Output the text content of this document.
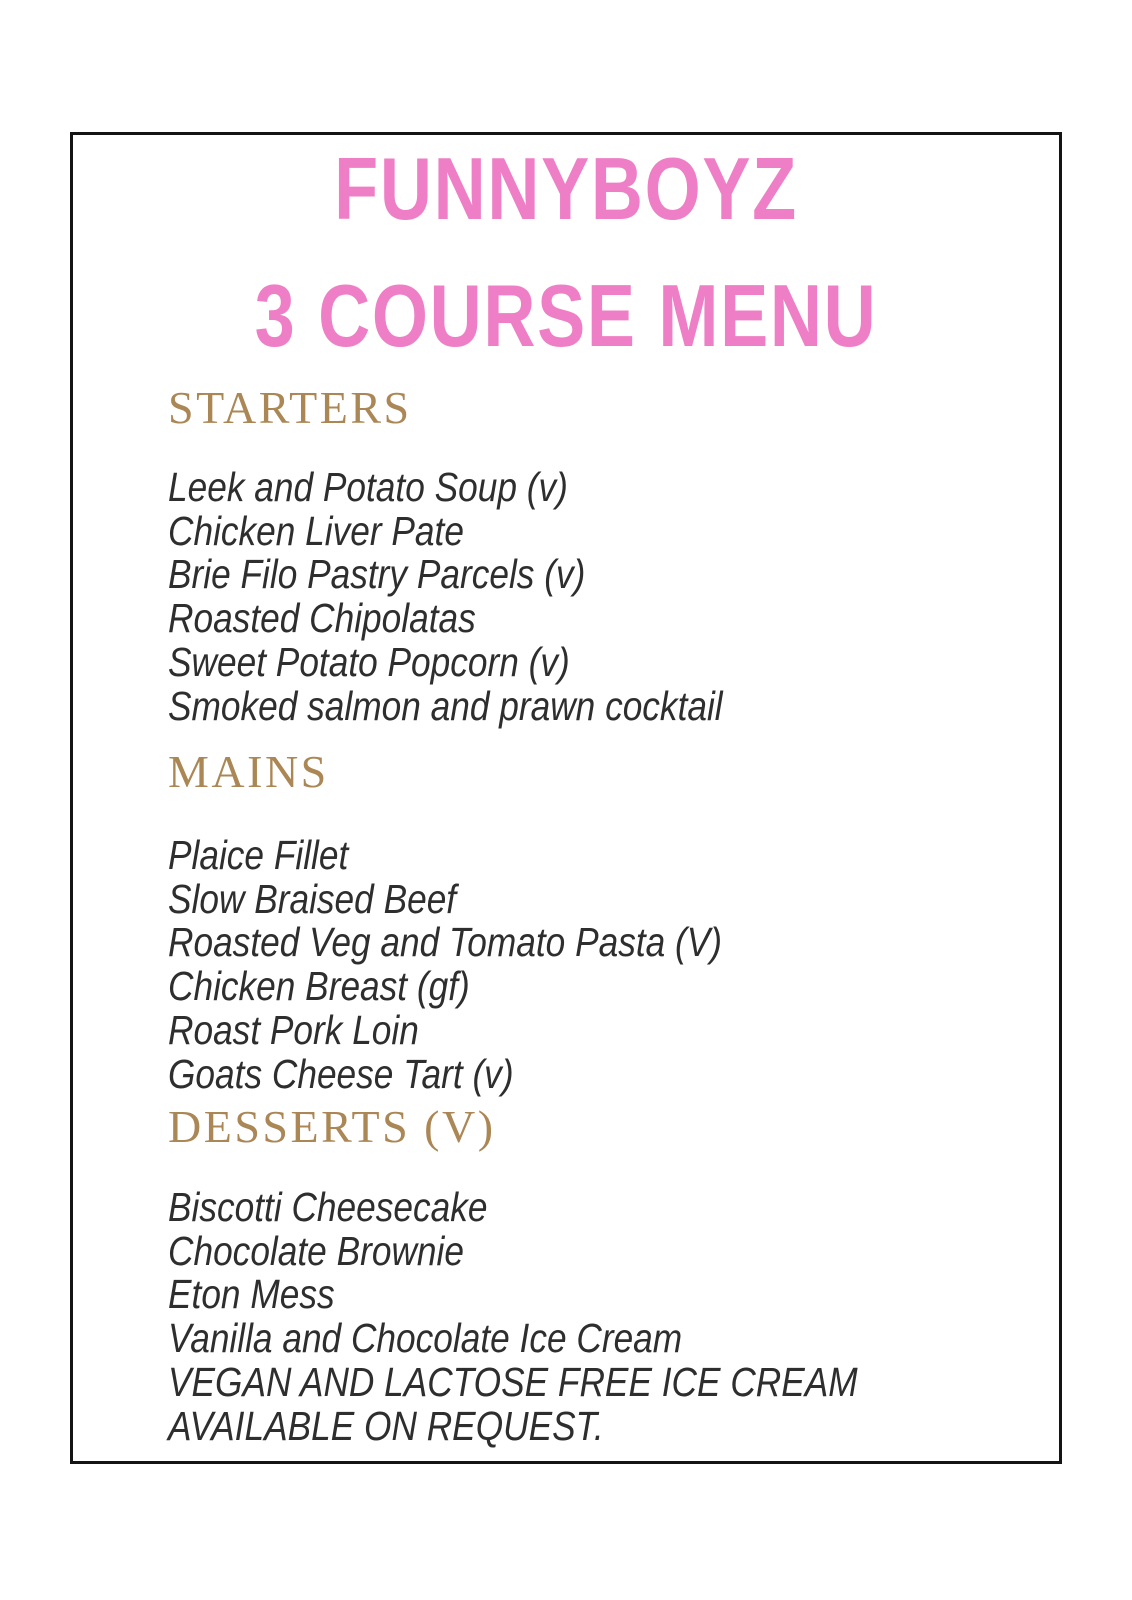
FUNNYBOYZ
3 COURSE MENU
STARTERS
Leek and Potato Soup (v)
Chicken Liver Pate
Brie Filo Pastry Parcels (v)
Roasted Chipolatas
Sweet Potato Popcorn (v)
Smoked salmon and prawn cocktail
MAINS
Plaice Fillet
Slow Braised Beef
Roasted Veg and Tomato Pasta (V)
Chicken Breast (gf)
Roast Pork Loin
Goats Cheese Tart (v)
DESSERTS (V)
Biscotti Cheesecake
Chocolate Brownie
Eton Mess
Vanilla and Chocolate Ice Cream
VEGAN AND LACTOSE FREE ICE CREAM
AVAILABLE ON REQUEST.
